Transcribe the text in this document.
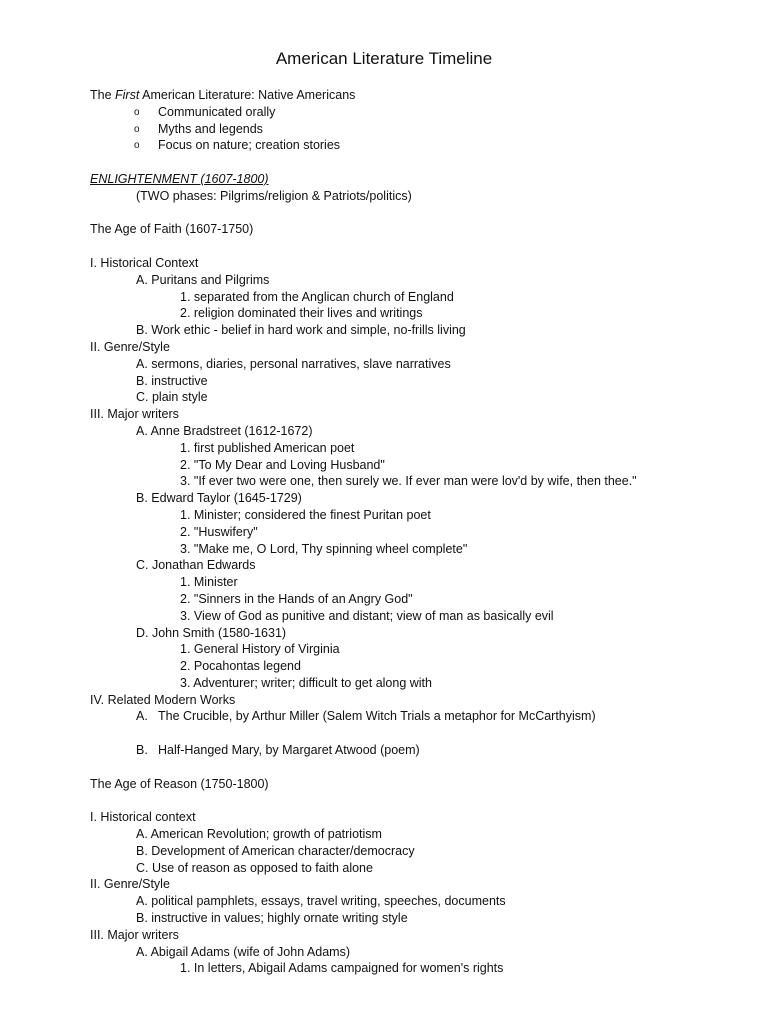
American Literature Timeline
The First American Literature: Native Americans
o Communicated orally
o Myths and legends
o Focus on nature; creation stories
ENLIGHTENMENT (1607-1800)
(TWO phases: Pilgrims/religion & Patriots/politics)
The Age of Faith (1607-1750)
I. Historical Context
A. Puritans and Pilgrims
1. separated from the Anglican church of England
2. religion dominated their lives and writings
B. Work ethic - belief in hard work and simple, no-frills living
II. Genre/Style
A. sermons, diaries, personal narratives, slave narratives
B. instructive
C. plain style
III. Major writers
A. Anne Bradstreet (1612-1672)
1. first published American poet
2. "To My Dear and Loving Husband"
3. "If ever two were one, then surely we. If ever man were lov'd by wife, then thee."
B. Edward Taylor (1645-1729)
1. Minister; considered the finest Puritan poet
2. "Huswifery"
3. "Make me, O Lord, Thy spinning wheel complete"
C. Jonathan Edwards
1. Minister
2. "Sinners in the Hands of an Angry God"
3. View of God as punitive and distant; view of man as basically evil
D. John Smith (1580-1631)
1. General History of Virginia
2. Pocahontas legend
3. Adventurer; writer; difficult to get along with
IV. Related Modern Works
A. The Crucible, by Arthur Miller (Salem Witch Trials a metaphor for McCarthyism)
B. Half-Hanged Mary, by Margaret Atwood (poem)
The Age of Reason (1750-1800)
I. Historical context
A. American Revolution; growth of patriotism
B. Development of American character/democracy
C. Use of reason as opposed to faith alone
II. Genre/Style
A. political pamphlets, essays, travel writing, speeches, documents
B. instructive in values; highly ornate writing style
III. Major writers
A. Abigail Adams (wife of John Adams)
1. In letters, Abigail Adams campaigned for women's rights
